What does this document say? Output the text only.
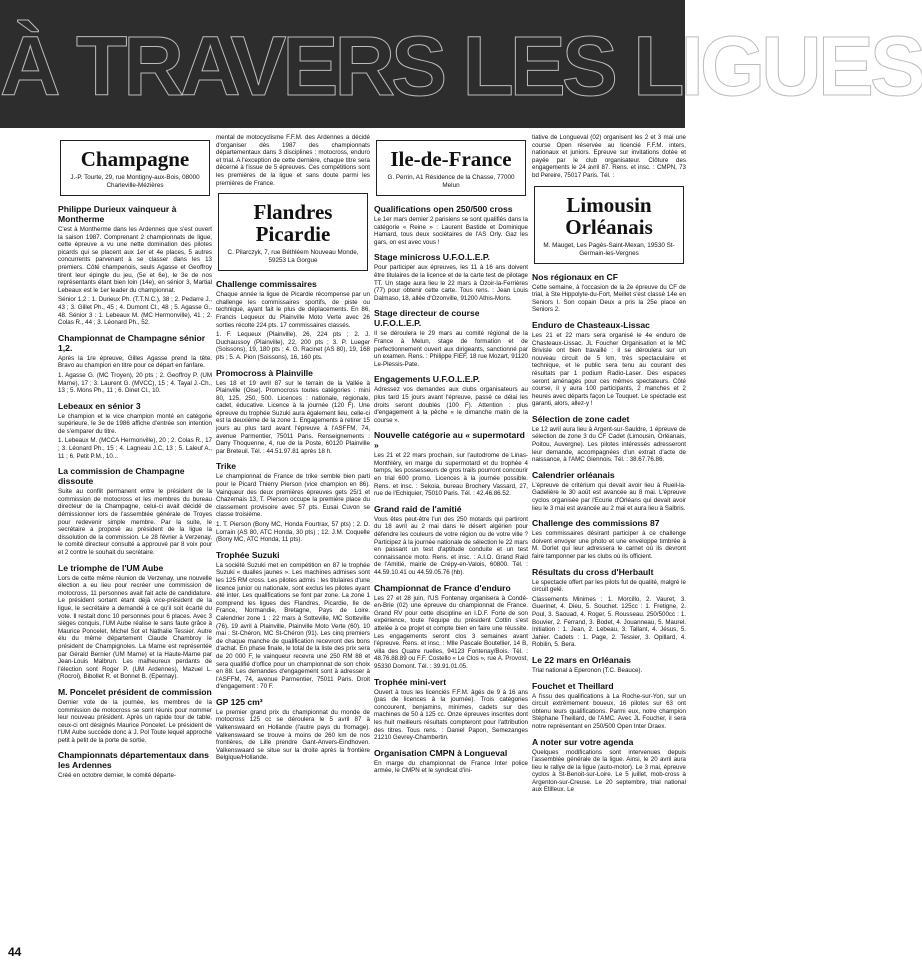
À TRAVERS LES LIGUES
Champagne
J.-P. Tourte, 29, rue Montigny-aux-Bois, 08000 Charleville-Mézières
Philippe Durieux vainqueur à Montherme
C'est à Montherme dans les Ardennes que s'est ouvert la saison 1987. Comprenant 2 championnats de ligue, cette épreuve a vu une nette domination des pilotes picards qui se placent aux 1er et 4e places, 5 autres concurrents parvenant à se classer dans les 13 premiers. Côté champenois, seuls Agasse et Geoffroy tirent leur épingle du jeu, (5e et 6e), le 3e de nos représentants étant bien loin (14e), en sénior 3, Martial Lebeaux est le 1er leader du championnat.
Sénior 1,2 : 1. Durieux Ph. (T.T.N.C.), 38 ; 2. Pedarre J., 43 ; 3. Gillet Ph., 45 ; 4. Dumont Cl., 48 ; 5. Agasse G., 48. Sénior 3 : 1. Lebeaux M. (MC Hermonville), 41 ; 2. Colas R., 44 ; 3. Léonard Ph., 52.
Championnat de Champagne sénior 1,2.
Après la 1re épreuve, Gilles Agasse prend la tête. Bravo au champion en titre pour ce départ en fanfare.
1. Agasse G. (MC Troyen), 20 pts ; 2. Geoffroy P. (UM Marne), 17 ; 3. Laurent G. (MVCC), 15 ; 4. Tayal J.-Ch., 13 ; 5. Mons Ph., 11 ; 6. Dinet Cl., 10.
Lebeaux en sénior 3
Le champion et le vice champion monté en catégorie supérieure, le 3e de 1986 affiche d'entrée son intention de s'emparer du titre.
1. Lebeaux M. (MCCA Hermonville), 20 ; 2. Colas R., 17 ; 3. Léonard Ph., 15 ; 4. Lagneau J.C, 13 ; 5. Laleuf A., 11 ; 6. Petit P.M., 10...
La commission de Champagne dissoute
Suite au conflit permanent entre le président de la commission de motocross et les membres du bureau directeur de la Champagne, celui-ci avait décidé de démissionner lors de l'assemblée générale de Troyes pour redevenir simple membre. Par la suite, le secrétaire a proposé au président de la ligue la dissolution de la commission. Le 28 février à Verzenay, le comité directeur consulté a approuvé par 8 voix pour et 2 contre le souhait du secrétaire.
Le triomphe de l'UM Aube
Lors de cette même réunion de Verzenay, une nouvelle élection a eu lieu pour recréer une commission de motocross, 11 personnes avait fait acte de candidature. Le président sortant étant déjà vice-président de la ligue, le secrétaire a demandé à ce qu'il soit écarté du vote. Il restait donc 10 personnes pour 6 places. Avec 3 sièges conquis, l'UM Aube réalise le sans faute grâce à Maurice Poncelet, Michel Sot et Nathalie Tessier. Autre élu du même département Claude Chambroy le président de Champignoles. La Marne est représentée par Gérald Bernier (UM Marne) et la Haute-Marne par Jean-Louis Malbrun. Les malheureux perdants de l'élection sont Roger P. (UM Ardennes), Mazuel L. (Rocroi), Bibollet R. et Bonnet B. (Epernay).
M. Poncelet président de commission
Dernier vote de la journée, les membres de la commission de motocross se sont réunis pour nommer leur nouveau président. Après un rapide tour de table, ceux-ci ont désignés Maurice Poncelet. Le président de l'UM Aube succède donc à J. Pol Toute lequel approche petit à petit de la porte de sortie.
Championnats départementaux dans les Ardennes
Créé en octobre dernier, le comité départe-
mental de motocyclisme F.F.M. des Ardennes a décidé d'organiser dès 1987 des championnats départementaux dans 3 disciplines : motocross, enduro et trial. A l'exception de cette dernière, chaque titre sera décerné à l'issue de 5 épreuves. Ces compétitions sont les premières de la ligue et sans doute parmi les premières de France.
Flandres Picardie
C. Pilarczyk, 7, rue Béthléem Nouveau Monde, 59253 La Gorgue
Challenge commissaires
Chaque année la ligue de Picardie récompense par un challenge les commissaires sportifs, de piste ou technique, ayant fait le plus de déplacements. En 86, Francis Lequeux du Plainville Moto Verte avec 26 sorties récolte 224 pts. 17 commissaires classés.
1. F. Lequeux (Plainville), 26, 224 pts ; 2. J. Duchaussoy (Plainville), 22, 200 pts ; 3. P. Lueger (Soissons), 19, 180 pts ; 4. G. Racinet (AS 80), 19, 168 pts ; 5. A. Pion (Soissons), 16, 160 pts.
Promocross à Plainville
Les 18 et 19 avril 87 sur le terrain de la Vallée à Plainville (Oise). Promocross toutes catégories : mini 80, 125, 250, 500. Licences : nationale, régionale, cadet, éducative. Licence à la journée (120 F). Une épreuve du trophée Suzuki aura également lieu, celle-ci est la deuxième de la zone 1. Engagements à retirer 15 jours au plus tard avant l'épreuve à l'ASFFM, 74, avenue Parmentier, 75011 Paris. Renseignements : Dany Thoquenne, 4, rue de la Poste, 60120 Plainville par Breteuil. Tél. : 44.51.97.81 après 18 h.
Trike
Le championnat de France de trike semble bien parti pour le Picard Thierry Pierson (vice champion en 86). Vainqueur des deux premières épreuves gets 25/1 et Chazemais 13, T. Pierson occupe la première place du classement provisoire avec 57 pts. Eusai Cuvon se classe troisième.
1. T. Pierson (Bony MC, Honda Fourtrax, 57 pts) ; 2. D. Lorrain (AS 80, ATC Honda, 30 pts) ; 12. J.M. Coquelle (Bony MC, ATC Honda, 11 pts).
Trophée Suzuki
La société Suzuki met en compétition en 87 le trophée Suzuki « dualles jaunes ». Les machines admises sont les 125 RM cross. Les pilotes admis : les titulaires d'une licence junior ou nationale, sont exclus les pilotes ayant été inter. Les qualifications se font par zone. La zone 1 comprend les ligues des Flandres, Picardie, Ile de France, Normandie, Bretagne, Pays de Loire. Calendrier zone 1 : 22 mars à Sotteville, MC Sotteville (76). 19 avril à Plainville, Plainville Moto Verte (60). 10 mai : St-Chéron, MC St-Chéron (91). Les cinq premiers de chaque manche de qualification recevront des bons d'achat. En phase finale, le total de la liste des prix sera de 20 000 F, le vainqueur recevra une 250 RM 88 et sera qualifié d'office pour un championnat de son choix en 88. Les demandes d'engagement sont à adresser à l'ASFFM, 74, avenue Parmentier, 75011 Paris. Droit d'engagement : 70 F.
GP 125 cm³
Le premier grand prix du championnat du monde de motocross 125 cc se déroulera le 5 avril 87 à Valkenswaard en Hollande (l'autre pays du fromage). Valkenswaard se trouve à moins de 260 km de nos frontières, de Lille prendre Gant-Anvers-Eindhoven. Valkenswaard se situe sur la droite après la frontière Belgique/Hollande.
Ile-de-France
G. Perrin, A1 Résidence de la Chasse, 77000 Melun
Qualifications open 250/500 cross
Le 1er mars dernier 2 parisiens se sont qualifiés dans la catégorie « Reine » : Laurent Bastide et Dominique Hamard, tous deux sociétaires de l'AS Orly. Gaz les gars, on est avec vous !
Stage minicross U.F.O.L.E.P.
Pour participer aux épreuves, les 11 à 16 ans doivent être titulaires de la licence et de la carte test de pilotage TT. Un stage aura lieu le 22 mars à Ozoir-la-Ferrières (77) pour obtenir cette carte. Tous rens. : Jean Louis Dalmaso, 18, allée d'Ozonville, 91200 Athis-Mons.
Stage directeur de course U.F.O.L.E.P.
Il se déroulera le 29 mars au comité régional de la France à Melun, stage de formation et de perfectionnement ouvert aux dirigeants, sanctionné par un examen. Rens. : Philippe FIEF, 18 rue Mozart, 91120 Le-Plessis-Pate.
Engagements U.F.O.L.E.P.
Adressez vos demandes aux clubs organisateurs au plus tard 15 jours avant l'épreuve, passé ce délai les droits seront doublés (100 F). Attention : plus d'engagement à la pêche « le dimanche matin de la course ».
Nouvelle catégorie au « supermotard »
Les 21 et 22 mars prochain, sur l'autodrome de Linas-Monthléry, en marge du supermotard et du trophée 4 temps, les possesseurs de gros trails pourront concourir en trial 600 promo. Licences à la journée possible. Rens. et insc. : Sekoia, bureau Brochery Vassard, 27, rue de l'Echiquier, 75010 Paris. Tél. : 42.46.86.52.
Grand raid de l'amitié
Vous êtes peut-être l'un des 250 motards qui partiront du 18 avril au 2 mai dans le désert algérien pour défendre les couleurs de votre région ou de votre ville ? Participez à la journée nationale de sélection le 22 mars en passant un test d'aptitude conduite et un test connaissance moto. Rens. et insc. : A.I.O. Grand Raid de l'Amitié, mairie de Crépy-en-Valois, 60800. Tél. : 44.59.10.41 ou 44.59.05.76 (hb).
Championnat de France d'enduro
Les 27 et 28 juin, l'US Fontenay organisera à Condé-en-Brie (02) une épreuve du championnat de France. Grand RV pour cette discipline en I.D.F. Forte de son expérience, toute l'équipe du président Cottin s'est attelée à ce projet et compte bien en faire une réussite. Les engagements seront clos 3 semaines avant l'épreuve. Rens. et insc. : Mlle Pascale Boutellier, 14 B, villa des Quatre ruelles, 94123 Fontenay/Bois. Tél. : 48.76.88.89 ou F.F. Costello « Le Clos », rue A. Provost, 95330 Domont. Tél. : 39.91.01.05.
Trophée mini-vert
Ouvert à tous les licenciés F.F.M. âgés de 9 à 16 ans (pas de licences à la journée). Trois catégories concourent, benjamins, minimes, cadets sur des machines de 50 à 125 cc. Onze épreuves inscrites dont les huit meilleurs résultats compteront pour l'attribution des titres. Tous rens. : Daniel Papon, Semezanges 21210 Gevrey-Chambertin.
Organisation CMPN à Longueval
En marge du championnat de France Inter police armée, le CMPN et le syndicat d'ini-
tiative de Longueval (02) organisent les 2 et 3 mai une course Open réservée au licencié F.F.M. inters, nationaux et juniors. Epreuve sur invitations dotée et payée par le club organisateur. Clôture des engagements le 24 avril 87. Rens. et insc. : CMPN, 73 bd Pereire, 75017 Paris. Tél. :
Limousin Orléanais
M. Mauget, Les Pagès-Saint-Mexan, 19530 St-Germain-les-Vergnes
Nos régionaux en CF
Cette semaine, à l'occasion de la 2e épreuve du CF de trial, à Ste Hippolyte-du-Fort, Meillet s'est classé 14e en Seniors I. Son copain Deux a pris la 25e place en Seniors 2.
Enduro de Chasteaux-Lissac
Les 21 et 22 mars sera organisé le 4e enduro de Chasteaux-Lissac. JL Foucher Organisation et le MC Brivisle ont bien travaillé : il se déroulera sur un nouveau circuit de 5 km, très spectaculaire et technique, et le public sera tenu au courant des résultats par 1 podium Radio-Laser. Des espaces seront aménagés pour ces mêmes spectateurs. Côté course, il y aura 100 participants, 2 manches et 2 heures avec départs façon Le Touquet. Le spectacle est garanti, alors, allez-y !
Sélection de zone cadet
Le 12 avril aura lieu à Argent-sur-Sauldre, 1 épreuve de sélection de zone 3 du CF Cadet (Limousin, Orléanais, Poitou, Auvergne). Les pilotes intéressés adresseront leur demande, accompagnées d'un extrait d'acte de naissance, à l'AMC Giennois. Tél. : 38.67.76.86.
Calendrier orléanais
L'épreuve de critérium qui devait avoir lieu à Rueil-la-Gadelière le 30 août est avancée au 8 mai. L'épreuve cyclos organisée par l'Ecurie d'Orléans qui devait avoir lieu le 3 mai est avancée au 2 mai et aura lieu à Salbris.
Challenge des commissions 87
Les commissaires désirant participer à ce challenge doivent envoyer une photo et une enveloppe timbrée à M. Dorlet qui leur adressera le carnet où ils devront faire tamponner par les clubs où ils officient.
Résultats du cross d'Herbault
Le spectacle offert par les pilots fut de qualité, malgré le circuit gelé.
Classements Minimes : 1. Morcillo, 2. Vauret, 3. Guerinet, 4. Dieu, 5. Souchet. 125cc : 1. Fretigne, 2. Poul, 3. Saouad, 4. Roger, 5. Rousseau. 250/500cc : 1. Bouvier, 2. Ferrand, 3. Bodet, 4. Jouanneau, 5. Maurel. Initiation : 1. Jean, 2. Lebeau, 3. Tallant, 4. Jésus, 5. Jahier. Cadets : 1. Page, 2. Tessier, 3. Opillard, 4. Robilin, 5. Bera.
Le 22 mars en Orléanais
Trial national à Eperonon (T.C. Beauce).
Fouchet et Theillard
A l'issu des qualifications à La Roche-sur-Yon, sur un circuit extrêmement boueux, 16 pilotes sur 63 ont obtenu leurs qualifications. Parmi eux, notre champion Stéphane Theillard, de l'AMC. Avec JL Foucher, il sera notre représentant en 250/500 Open Inter Draex.
A noter sur votre agenda
Quelques modifications sont intervenues depuis l'assemblée générale de la ligue. Ainsi, le 20 avril aura lieu le rallye de la ligue (auto-motor). Le 3 mai, épreuve cyclos à St-Benoit-sur-Loire. Le 5 juillet, mob-cross à Argenton-sur-Creuse. Le 20 septembre, trial national aux Etilleux. Le
44
